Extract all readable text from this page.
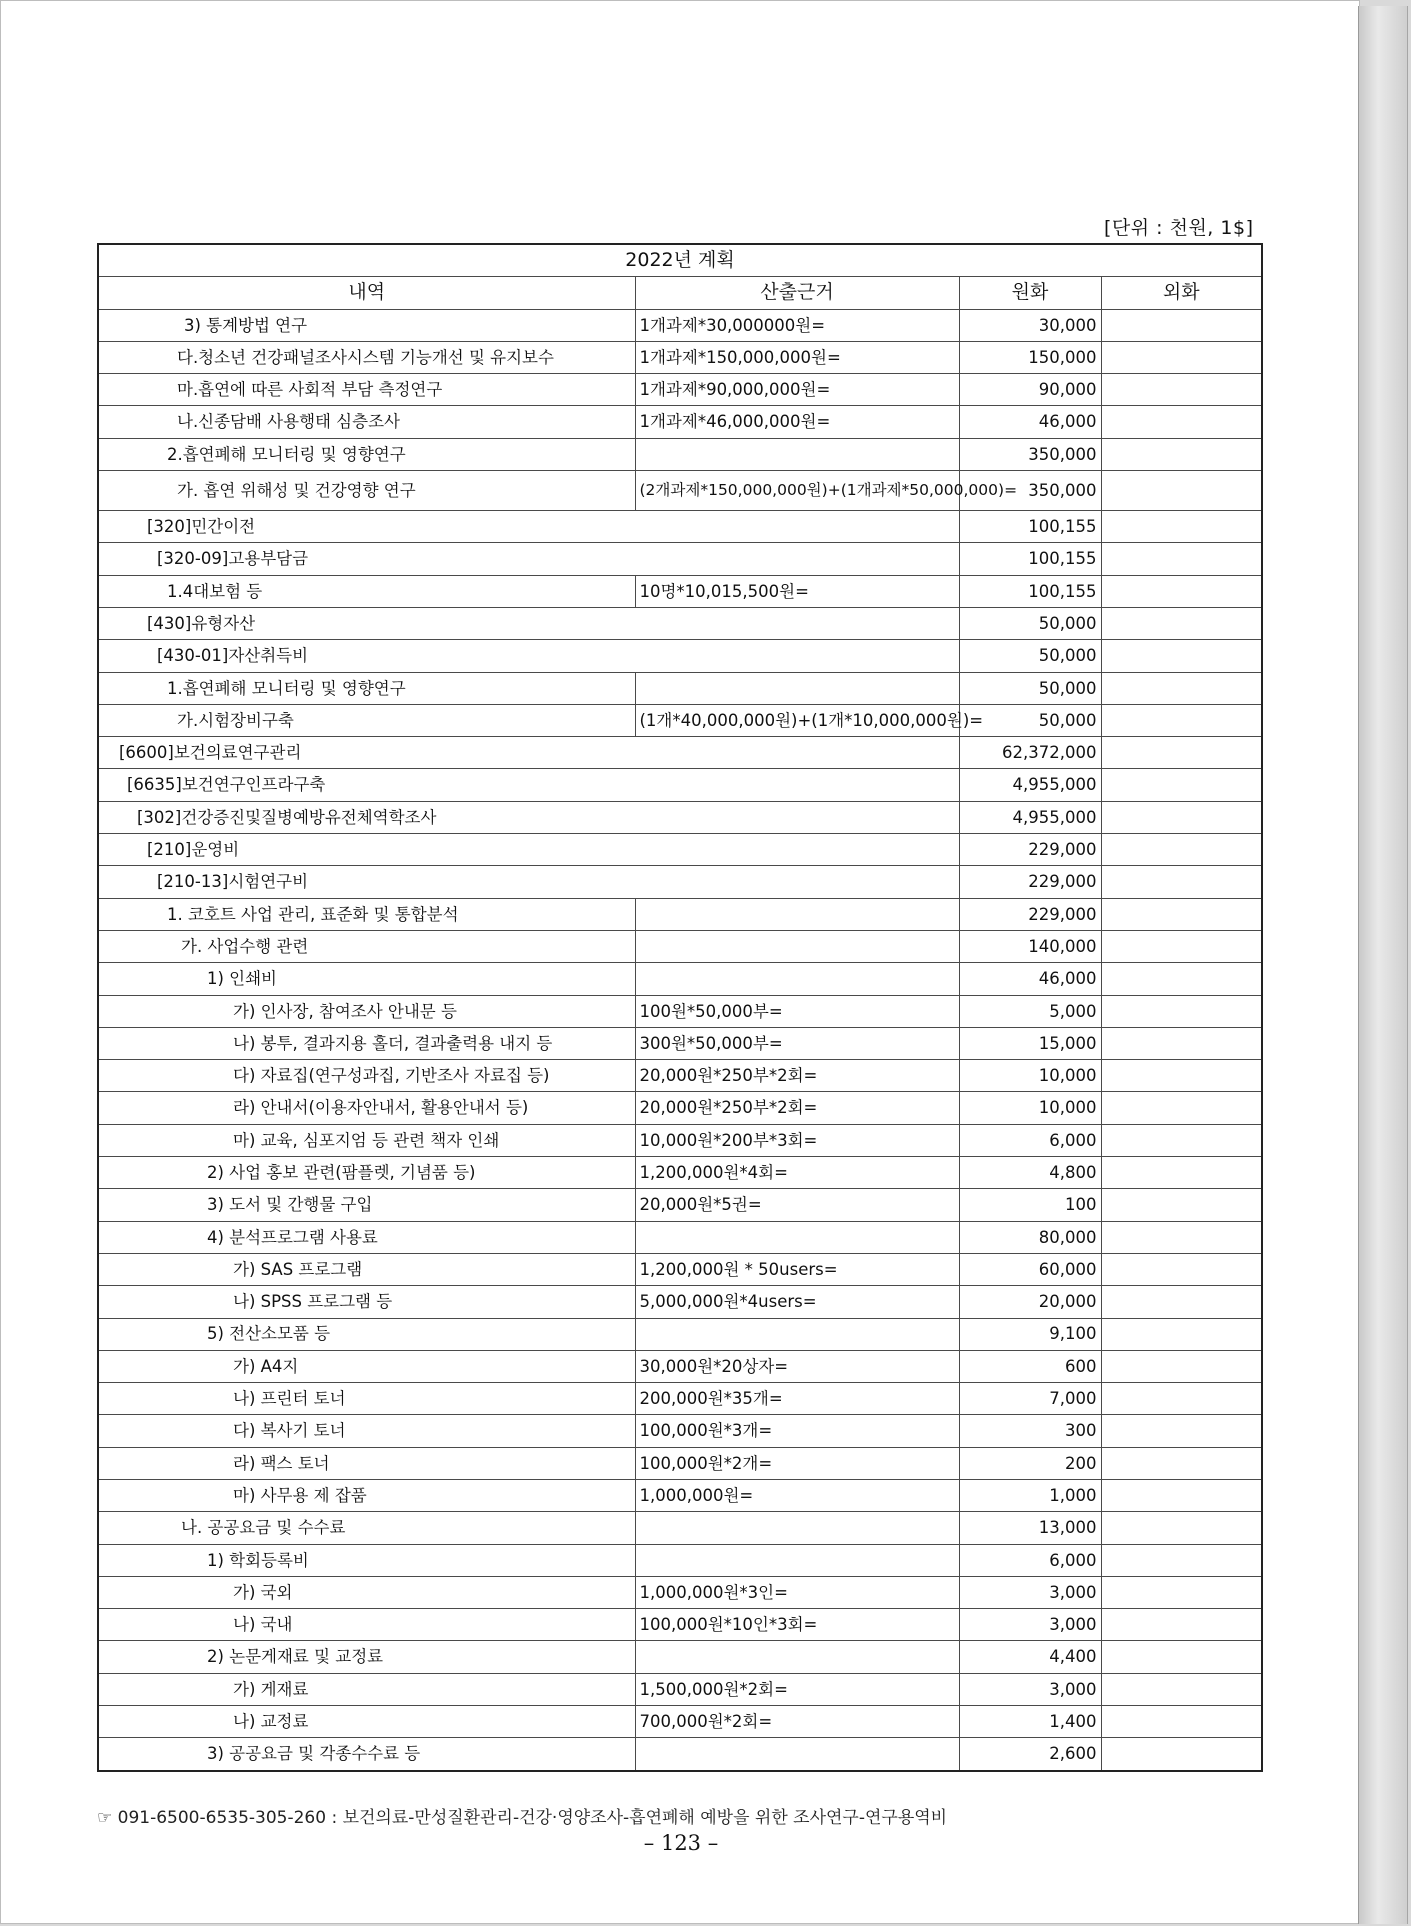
[단위 : 천원, 1$]
2022년 계획			
내역	산출근거	원화	외화
3) 통계방법 연구	1개과제*30,000000원=	30,000	
다.청소년 건강패널조사시스템 기능개선 및 유지보수	1개과제*150,000,000원=	150,000	
마.흡연에 따른 사회적 부담 측정연구	1개과제*90,000,000원=	90,000	
나.신종담배 사용행태 심층조사	1개과제*46,000,000원=	46,000	
2.흡연폐해 모니터링 및 영향연구		350,000	
가. 흡연 위해성 및 건강영향 연구	(2개과제*150,000,000원)+(1개과제*50,000,000)=	350,000	
[320]민간이전		100,155	
[320-09]고용부담금		100,155	
1.4대보험 등	10명*10,015,500원=	100,155	
[430]유형자산		50,000	
[430-01]자산취득비		50,000	
1.흡연폐해 모니터링 및 영향연구		50,000	
가.시험장비구축	(1개*40,000,000원)+(1개*10,000,000원)=	50,000	
[6600]보건의료연구관리		62,372,000	
[6635]보건연구인프라구축		4,955,000	
[302]건강증진및질병예방유전체역학조사		4,955,000	
[210]운영비		229,000	
[210-13]시험연구비		229,000	
1. 코호트 사업 관리, 표준화 및 통합분석		229,000	
가. 사업수행 관련		140,000	
1) 인쇄비		46,000	
가) 인사장, 참여조사 안내문 등	100원*50,000부=	5,000	
나) 봉투, 결과지용 홀더, 결과출력용 내지 등	300원*50,000부=	15,000	
다) 자료집(연구성과집, 기반조사 자료집 등)	20,000원*250부*2회=	10,000	
라) 안내서(이용자안내서, 활용안내서 등)	20,000원*250부*2회=	10,000	
마) 교육, 심포지엄 등 관련 책자 인쇄	10,000원*200부*3회=	6,000	
2) 사업 홍보 관련(팜플렛, 기념품 등)	1,200,000원*4회=	4,800	
3) 도서 및 간행물 구입	20,000원*5권=	100	
4) 분석프로그램 사용료		80,000	
가) SAS 프로그램	1,200,000원 * 50users=	60,000	
나) SPSS 프로그램 등	5,000,000원*4users=	20,000	
5) 전산소모품 등		9,100	
가) A4지	30,000원*20상자=	600	
나) 프린터 토너	200,000원*35개=	7,000	
다) 복사기 토너	100,000원*3개=	300	
라) 팩스 토너	100,000원*2개=	200	
마) 사무용 제 잡품	1,000,000원=	1,000	
나. 공공요금 및 수수료		13,000	
1) 학회등록비		6,000	
가) 국외	1,000,000원*3인=	3,000	
나) 국내	100,000원*10인*3회=	3,000	
2) 논문게재료 및 교정료		4,400	
가) 게재료	1,500,000원*2회=	3,000	
나) 교정료	700,000원*2회=	1,400	
3) 공공요금 및 각종수수료 등		2,600	
☞ 091-6500-6535-305-260 : 보건의료-만성질환관리-건강·영양조사-흡연폐해 예방을 위한 조사연구-연구용역비
– 123 –
